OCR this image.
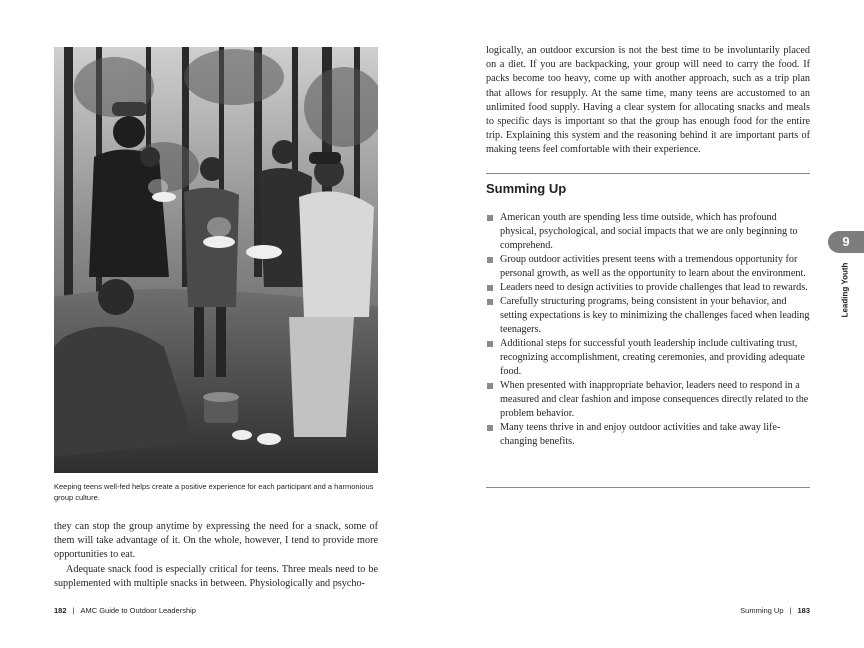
Keeping teens well-fed helps create a positive experience for each participant and a harmonious group culture.

they can stop the group anytime by expressing the need for a snack, some of them will take advantage of it. On the whole, however, I tend to provide more opportunities to eat.

Adequate snack food is especially critical for teens. Three meals need to be supplemented with multiple snacks in between. Physiologically and psycho-

logically, an outdoor excursion is not the best time to be involuntarily placed on a diet. If you are backpacking, your group will need to carry the food. If packs become too heavy, come up with another approach, such as a trip plan that allows for resupply. At the same time, many teens are accustomed to an unlimited food supply. Having a clear system for allocating snacks and meals to specific days is important so that the group has enough food for the entire trip. Explaining this system and the reasoning behind it are important parts of making teens feel comfortable with their experience.

Summing Up
American youth are spending less time outside, which has profound physical, psychological, and social impacts that we are only beginning to comprehend.
Group outdoor activities present teens with a tremendous opportunity for personal growth, as well as the opportunity to learn about the environment.
Leaders need to design activities to provide challenges that lead to rewards.
Carefully structuring programs, being consistent in your behavior, and setting expectations is key to minimizing the challenges faced when leading teenagers.
Additional steps for successful youth leadership include cultivating trust, recognizing accomplishment, creating ceremonies, and providing adequate food.
When presented with inappropriate behavior, leaders need to respond in a measured and clear fashion and impose consequences directly related to the problem behavior.
Many teens thrive in and enjoy outdoor activities and take away life-changing benefits.
9
Leading Youth
182 | AMC Guide to Outdoor Leadership	Summing Up | 183
